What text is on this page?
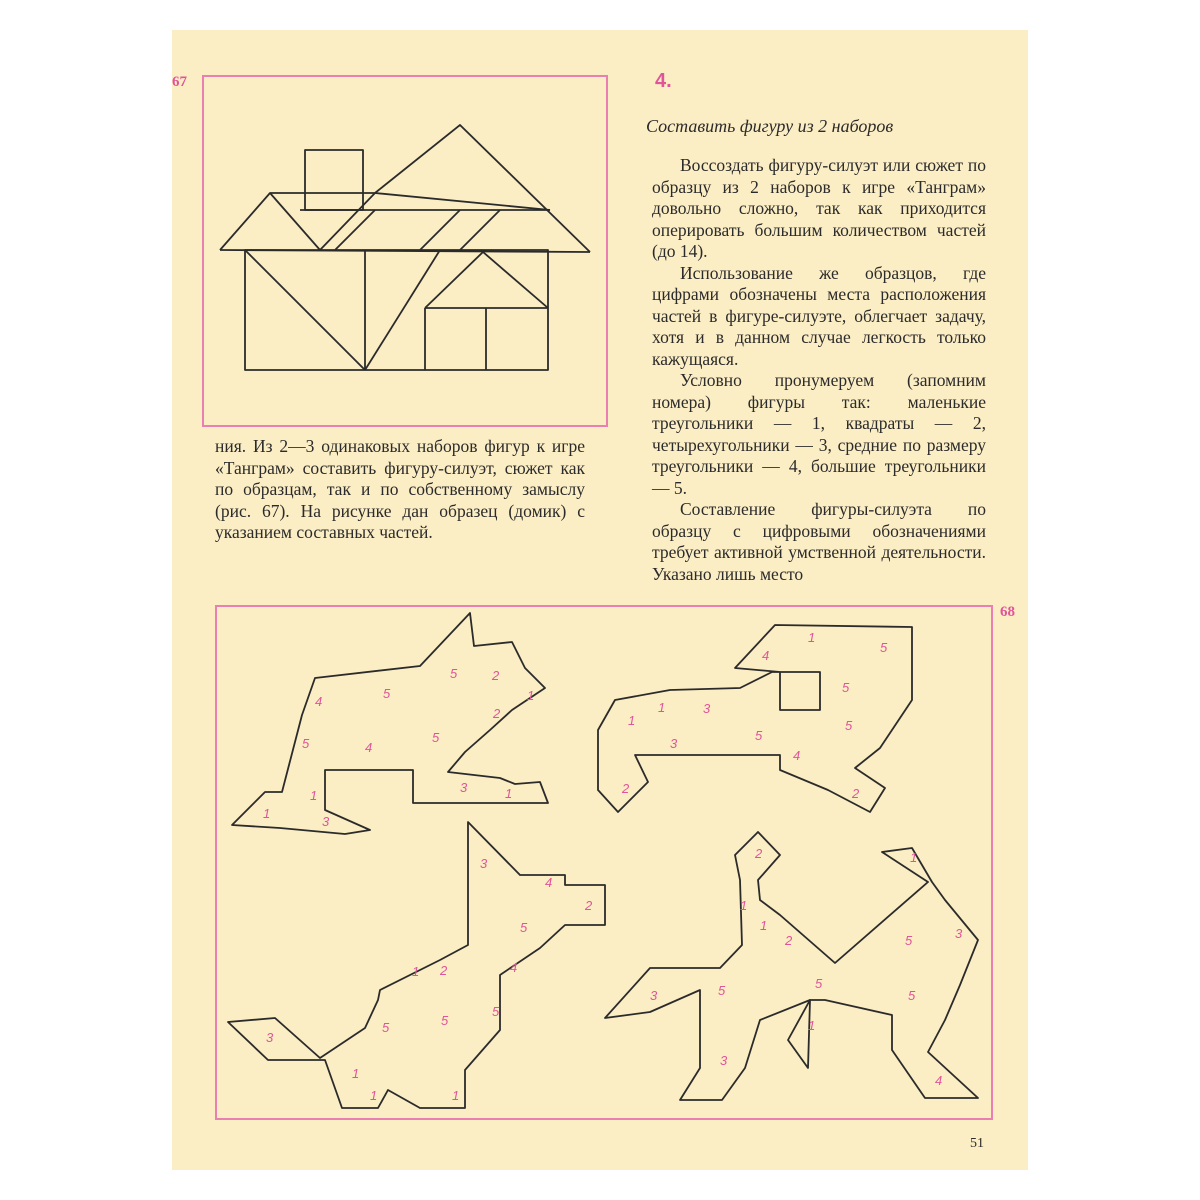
67	4.
Составить фигуру из 2 наборов

Воссоздать фигуру-силуэт или сюжет по образцу из 2 наборов к игре «Танграм» довольно сложно, так как приходится оперировать большим количеством частей (до 14).

Использование же образцов, где цифрами обозначены места расположения частей в фигуре-силуэте, облегчает задачу, хотя и в данном случае легкость только кажущаяся.

Условно пронумеруем (запомним номера) фигуры так: маленькие треугольники — 1, квадраты — 2, четырехугольники — 3, средние по размеру треугольники — 4, большие треугольники — 5.

Составление фигуры-силуэта по образцу с цифровыми обозначениями требует активной умственной деятельности. Указано лишь место

ния. Из 2—3 одинаковых наборов фигур к игре «Танграм» составить фигуру-силуэт, сюжет как по образцам, так и по собственному замыслу (рис. 67). На рисунке дан образец (домик) с указанием составных частей.

68
5	2
1
4
5
2
5	4
5
1
3	1
3
1
4
1
5
5
1
1	3
3
5
4
5
2	2
3
4
2
5
4
1 2
5
5
5
3
1
1	1
2	1
1
1
2	5	3
5
3
5
3
1
5
4
51
